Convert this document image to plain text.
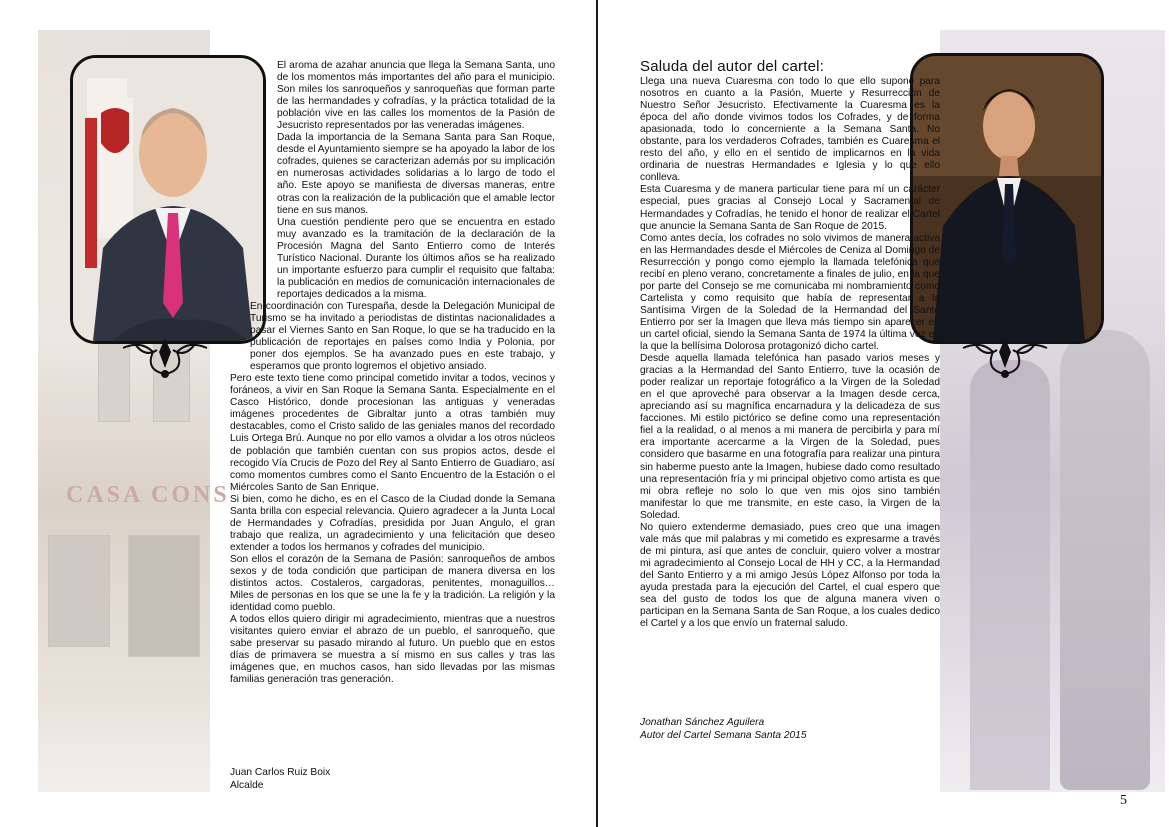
CASA CONS

El aroma de azahar anuncia que llega la Semana Santa, uno de los momentos más importantes del año para el municipio. Son miles los sanroqueños y sanroqueñas que forman parte de las hermandades y cofradías, y la práctica totalidad de la población vive en las calles los momentos de la Pasión de Jesucristo representados por las veneradas imágenes.

Dada la importancia de la Semana Santa para San Roque, desde el Ayuntamiento siempre se ha apoyado la labor de los cofrades, quienes se caracterizan además por su implicación en numerosas actividades solidarias a lo largo de todo el año. Este apoyo se manifiesta de diversas maneras, entre otras con la realización de la publicación que el amable lector tiene en sus manos.

Una cuestión pendiente pero que se encuentra en estado muy avanzado es la tramitación de la declaración de la Procesión Magna del Santo Entierro como de Interés Turístico Nacional. Durante los últimos años se ha realizado un importante esfuerzo para cumplir el requisito que faltaba: la publicación en medios de comunicación internacionales de reportajes dedicados a la misma.

En coordinación con Turespaña, desde la Delegación Municipal de Turismo se ha invitado a periodistas de distintas nacionalidades a pasar el Viernes Santo en San Roque, lo que se ha traducido en la publicación de reportajes en países como India y Polonia, por poner dos ejemplos. Se ha avanzado pues en este trabajo, y esperamos que pronto logremos el objetivo ansiado.

Pero este texto tiene como principal cometido invitar a todos, vecinos y foráneos, a vivir en San Roque la Semana Santa. Especialmente en el Casco Histórico, donde procesionan las antiguas y veneradas imágenes procedentes de Gibraltar junto a otras también muy destacables, como el Cristo salido de las geniales manos del recordado Luis Ortega Brú. Aunque no por ello vamos a olvidar a los otros núcleos de población que también cuentan con sus propios actos, desde el recogido Vía Crucis de Pozo del Rey al Santo Entierro de Guadiaro, así como momentos cumbres como el Santo Encuentro de la Estación o el Miércoles Santo de San Enrique.

Si bien, como he dicho, es en el Casco de la Ciudad donde la Semana Santa brilla con especial relevancia. Quiero agradecer a la Junta Local de Hermandades y Cofradías, presidida por Juan Angulo, el gran trabajo que realiza, un agradecimiento y una felicitación que deseo extender a todos los hermanos y cofrades del municipio.

Son ellos el corazón de la Semana de Pasión: sanroqueños de ambos sexos y de toda condición que participan de manera diversa en los distintos actos. Costaleros, cargadoras, penitentes, monaguillos… Miles de personas en los que se une la fe y la tradición. La religión y la identidad como pueblo.

A todos ellos quiero dirigir mi agradecimiento, mientras que a nuestros visitantes quiero enviar el abrazo de un pueblo, el sanroqueño, que sabe preservar su pasado mirando al futuro. Un pueblo que en estos días de primavera se muestra a sí mismo en sus calles y tras las imágenes que, en muchos casos, han sido llevadas por las mismas familias generación tras generación.

Juan Carlos Ruiz Boix
Alcalde
Saluda del autor del cartel:

Llega una nueva Cuaresma con todo lo que ello supone para nosotros en cuanto a la Pasión, Muerte y Resurrección de Nuestro Señor Jesucristo. Efectivamente la Cuaresma es la época del año donde vivimos todos los Cofrades, y de forma apasionada, todo lo concerniente a la Semana Santa. No obstante, para los verdaderos Cofrades, también es Cuaresma el resto del año, y ello en el sentido de implicarnos en la vida ordinaria de nuestras Hermandades e Iglesia y lo que ello conlleva.

Esta Cuaresma y de manera particular tiene para mí un carácter especial, pues gracias al Consejo Local y Sacramental de Hermandades y Cofradías, he tenido el honor de realizar el Cartel que anuncie la Semana Santa de San Roque de 2015.

Como antes decía, los cofrades no solo vivimos de manera activa en las Hermandades desde el Miércoles de Ceniza al Domingo de Resurrección y pongo como ejemplo la llamada telefónica que recibí en pleno verano, concretamente a finales de julio, en la que por parte del Consejo se me comunicaba mi nombramiento como Cartelista y como requisito que había de representar a la Santísima Virgen de la Soledad de la Hermandad del Santo Entierro por ser la Imagen que lleva más tiempo sin aparecer en un cartel oficial, siendo la Semana Santa de 1974 la última vez en la que la bellísima Dolorosa protagonizó dicho cartel.

Desde aquella llamada telefónica han pasado varios meses y gracias a la Hermandad del Santo Entierro, tuve la ocasión de poder realizar un reportaje fotográfico a la Virgen de la Soledad en el que aproveché para observar a la Imagen desde cerca, apreciando así su magnífica encarnadura y la delicadeza de sus facciones. Mi estilo pictórico se define como una representación fiel a la realidad, o al menos a mi manera de percibirla y para mí era importante acercarme a la Virgen de la Soledad, pues considero que basarme en una fotografía para realizar una pintura sin haberme puesto ante la Imagen, hubiese dado como resultado una representación fría y mi principal objetivo como artista es que mi obra refleje no solo lo que ven mis ojos sino también manifestar lo que me transmite, en este caso, la Virgen de la Soledad.

No quiero extenderme demasiado, pues creo que una imagen vale más que mil palabras y mi cometido es expresarme a través de mi pintura, así que antes de concluir, quiero volver a mostrar mi agradecimiento al Consejo Local de HH y CC, a la Hermandad del Santo Entierro y a mi amigo Jesús López Alfonso por toda la ayuda prestada para la ejecución del Cartel, el cual espero que sea del gusto de todos los que de alguna manera viven o participan en la Semana Santa de San Roque, a los cuales dedico el Cartel y a los que envío un fraternal saludo.

Jonathan Sánchez Aguilera
Autor del Cartel Semana Santa 2015
5
